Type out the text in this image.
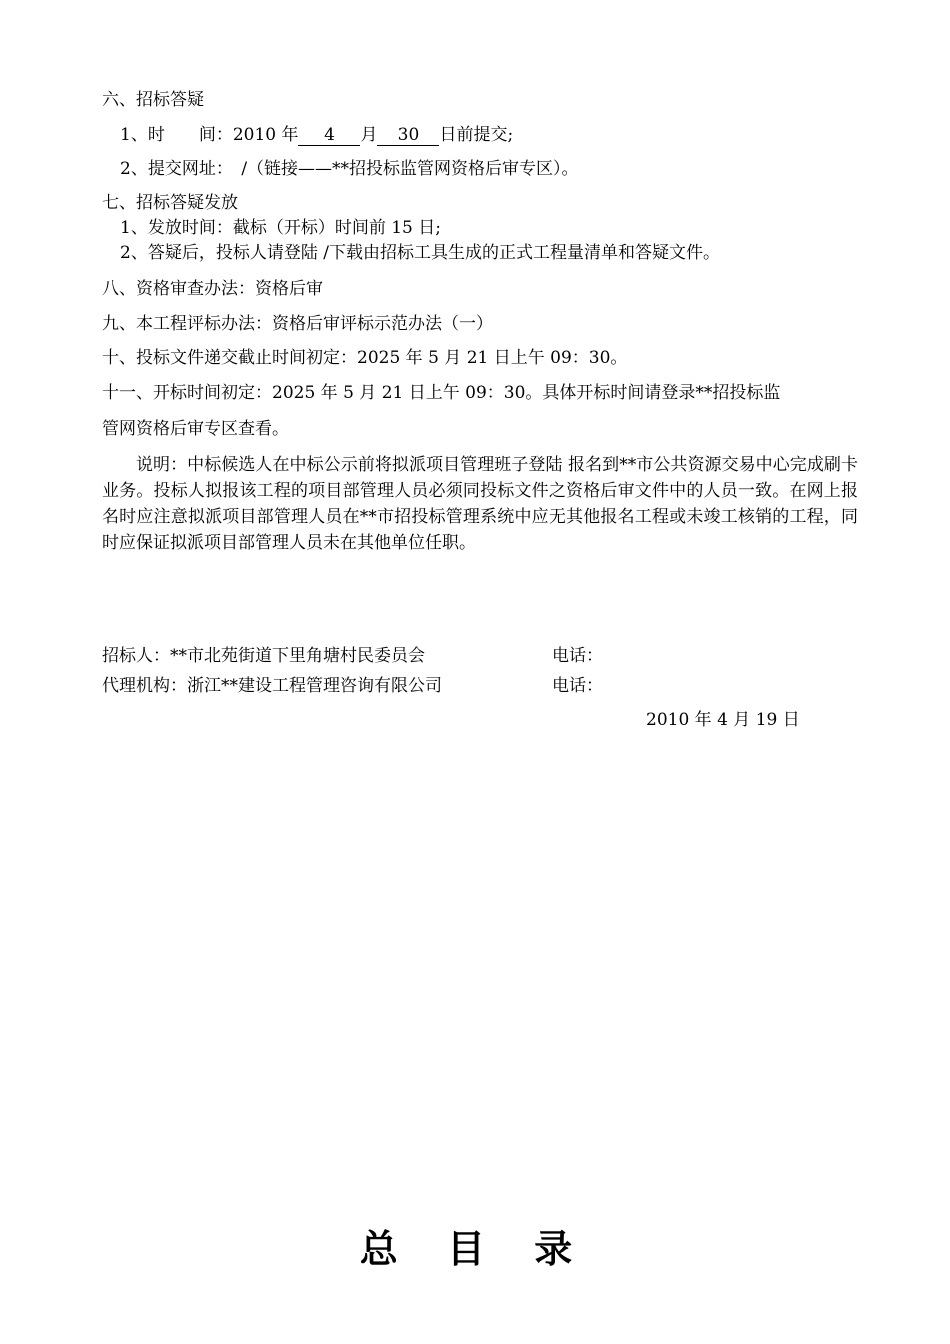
六、招标答疑
1、时　　间：2010 年 4 月 30 日前提交;
2、提交网址：　/（链接——**招投标监管网资格后审专区）。
七、招标答疑发放
1、发放时间：截标（开标）时间前 15 日;
2、答疑后，投标人请登陆 /下载由招标工具生成的正式工程量清单和答疑文件。
八、资格审查办法：资格后审
九、本工程评标办法：资格后审评标示范办法（一）
十、投标文件递交截止时间初定：2025 年 5 月 21 日上午 09：30。
十一、开标时间初定：2025 年 5 月 21 日上午 09：30。具体开标时间请登录**招投标监
管网资格后审专区查看。
说明：中标候选人在中标公示前将拟派项目管理班子登陆 报名到**市公共资源交易中心完成刷卡业务。投标人拟报该工程的项目部管理人员必须同投标文件之资格后审文件中的人员一致。在网上报名时应注意拟派项目部管理人员在**市招投标管理系统中应无其他报名工程或未竣工核销的工程，同时应保证拟派项目部管理人员未在其他单位任职。
招标人：**市北苑街道下里角塘村民委员会	电话：
代理机构：浙江**建设工程管理咨询有限公司	电话：
2010 年 4 月 19 日
总 目 录
